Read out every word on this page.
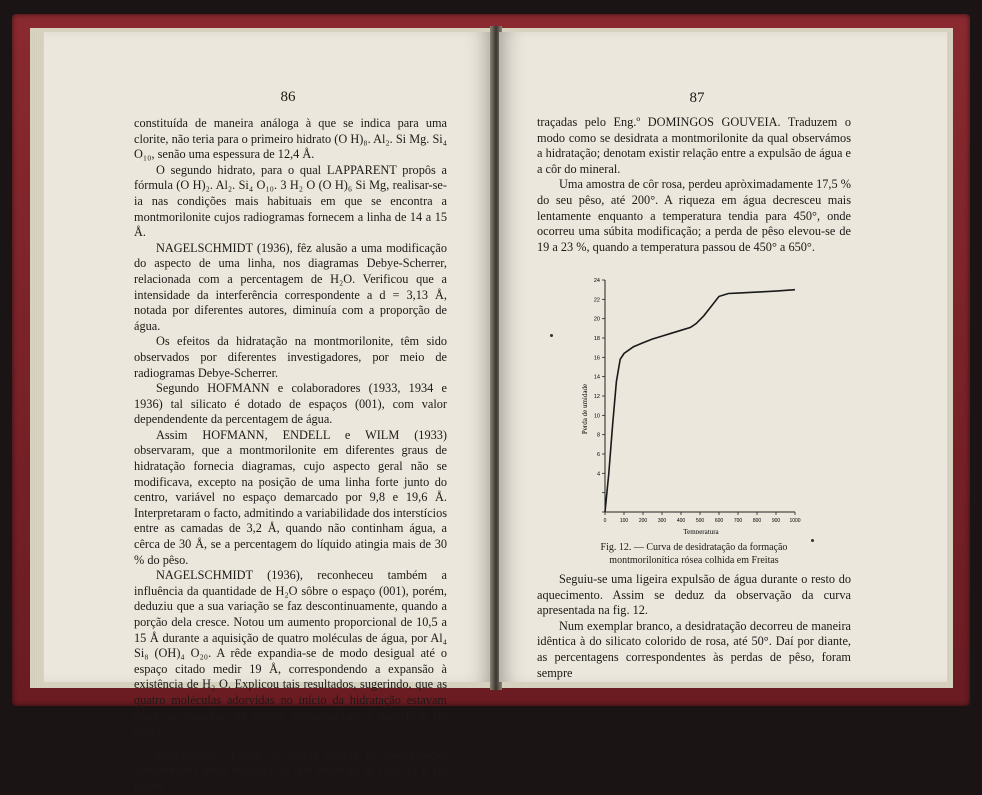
86

constituída de maneira análoga à que se indica para uma clorite, não teria para o primeiro hidrato (O H)₈. Al₂. Si Mg. Si₄ O₁₀, senão uma espessura de 12,4 Å.

O segundo hidrato, para o qual LAPPARENT propôs a fórmula (O H)₂. Al₂. Si₄ O₁₀. 3 H₂ O (O H)₆ Si Mg, realisar-se-ia nas condições mais habituais em que se encontra a montmorilonite cujos radiogramas fornecem a linha de 14 a 15 Å.

NAGELSCHMIDT (1936), fêz alusão a uma modificação do aspecto de uma linha, nos diagramas Debye-Scherrer, relacionada com a percentagem de H₂O. Verificou que a intensidade da interferência correspondente a d = 3,13 Å, notada por diferentes autores, diminuía com a proporção de água.

Os efeitos da hidratação na montmorilonite, têm sido observados por diferentes investigadores, por meio de radiogramas Debye-Scherrer.

Segundo HOFMANN e colaboradores (1933, 1934 e 1936) tal silicato é dotado de espaços (001), com valor dependendente da percentagem de água.

Assim HOFMANN, ENDELL e WILM (1933) observaram, que a montmorilonite em diferentes graus de hidratação fornecia diagramas, cujo aspecto geral não se modificava, excepto na posição de uma linha forte junto do centro, variável no espaço demarcado por 9,8 e 19,6 Å. Interpretaram o facto, admitindo a variabilidade dos interstícios entre as camadas de 3,2 Å, quando não continham água, a cêrca de 30 Å, se a percentagem do líquido atingia mais de 30 % do pêso.

NAGELSCHMIDT (1936), reconheceu também a influência da quantidade de H₂O sôbre o espaço (001), porém, deduziu que a sua variação se faz descontinuamente, quando a porção dela cresce. Notou um aumento proporcional de 10,5 a 15 Å durante a aquisição de quatro moléculas de água, por Al₄ Si₈ (OH)₄ O₂₀. A rêde expandia-se de modo desigual até o espaço citado medir 19 Å, correspondendo a expansão à existência de H₂ O. Explicou tais resultados, sugerindo, que as quatro moléculas adorvidas no início da hidratação estavam entre as camadas; as outras, permaneciam à superfície do cristal.

Desidratação: Como as outras curvas de desidratação apresentados neste trabalho, as que mostram as figs. 12 e 13, foram

87

traçadas pelo Eng.º DOMINGOS GOUVEIA. Traduzem o modo como se desidrata a montmorilonite da qual observámos a hidratação; denotam existir relação entre a expulsão de água e a côr do mineral.

Uma amostra de côr rosa, perdeu apròximadamente 17,5 % do seu pêso, até 200°. A riqueza em água decresceu mais lentamente enquanto a temperatura tendia para 450°, onde ocorreu uma súbita modificação; a perda de pêso elevou-se de 19 a 23 %, quando a temperatura passou de 450° a 650°.

4
6
8
10
12
14
16
18
20
22
24
0	100 200 300 400 500 600 700 800 900 1000
Perda de umidade
Temperatura
Fig. 12. — Curva de desidratação da formação
montmorilonítica rósea colhida em Freitas

Seguiu-se uma ligeira expulsão de água durante o resto do aquecimento. Assim se deduz da observação da curva apresentada na fig. 12.

Num exemplar branco, a desidratação decorreu de maneira idêntica à do silicato colorido de rosa, até 50°. Daí por diante, as percentagens correspondentes às perdas de pêso, foram sempre
